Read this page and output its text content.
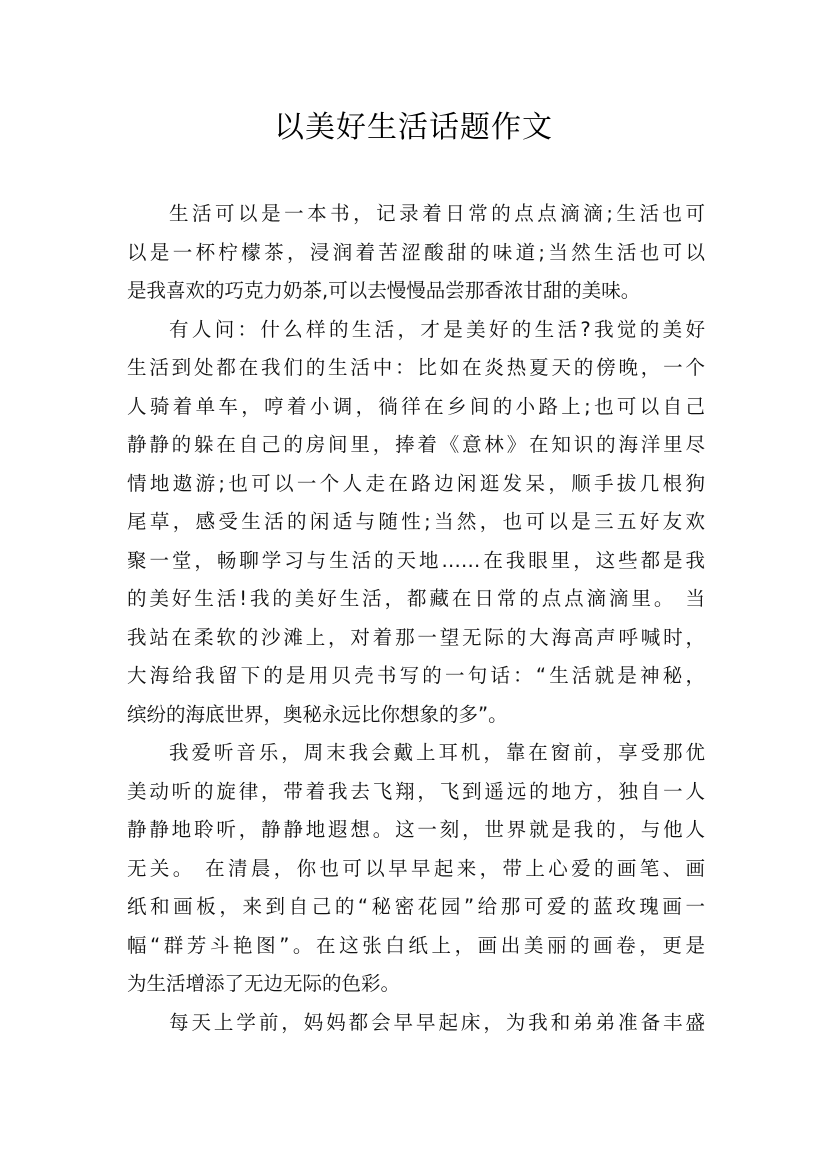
以美好生活话题作文
生活可以是一本书，记录着日常的点点滴滴;生活也可
以是一杯柠檬茶，浸润着苦涩酸甜的味道;当然生活也可以
是我喜欢的巧克力奶茶,可以去慢慢品尝那香浓甘甜的美味。
有人问：什么样的生活，才是美好的生活?我觉的美好
生活到处都在我们的生活中：比如在炎热夏天的傍晚，一个
人骑着单车，哼着小调，徜徉在乡间的小路上;也可以自己
静静的躲在自己的房间里，捧着《意林》在知识的海洋里尽
情地遨游;也可以一个人走在路边闲逛发呆，顺手拔几根狗
尾草，感受生活的闲适与随性;当然，也可以是三五好友欢
聚一堂，畅聊学习与生活的天地……在我眼里，这些都是我
的美好生活!我的美好生活，都藏在日常的点点滴滴里。 当
我站在柔软的沙滩上，对着那一望无际的大海高声呼喊时，
大海给我留下的是用贝壳书写的一句话：“生活就是神秘，
缤纷的海底世界，奥秘永远比你想象的多”。
我爱听音乐，周末我会戴上耳机，靠在窗前，享受那优
美动听的旋律，带着我去飞翔，飞到遥远的地方，独自一人
静静地聆听，静静地遐想。这一刻，世界就是我的，与他人
无关。 在清晨，你也可以早早起来，带上心爱的画笔、画
纸和画板，来到自己的“秘密花园”给那可爱的蓝玫瑰画一
幅“群芳斗艳图”。在这张白纸上，画出美丽的画卷，更是
为生活增添了无边无际的色彩。
每天上学前，妈妈都会早早起床，为我和弟弟准备丰盛
